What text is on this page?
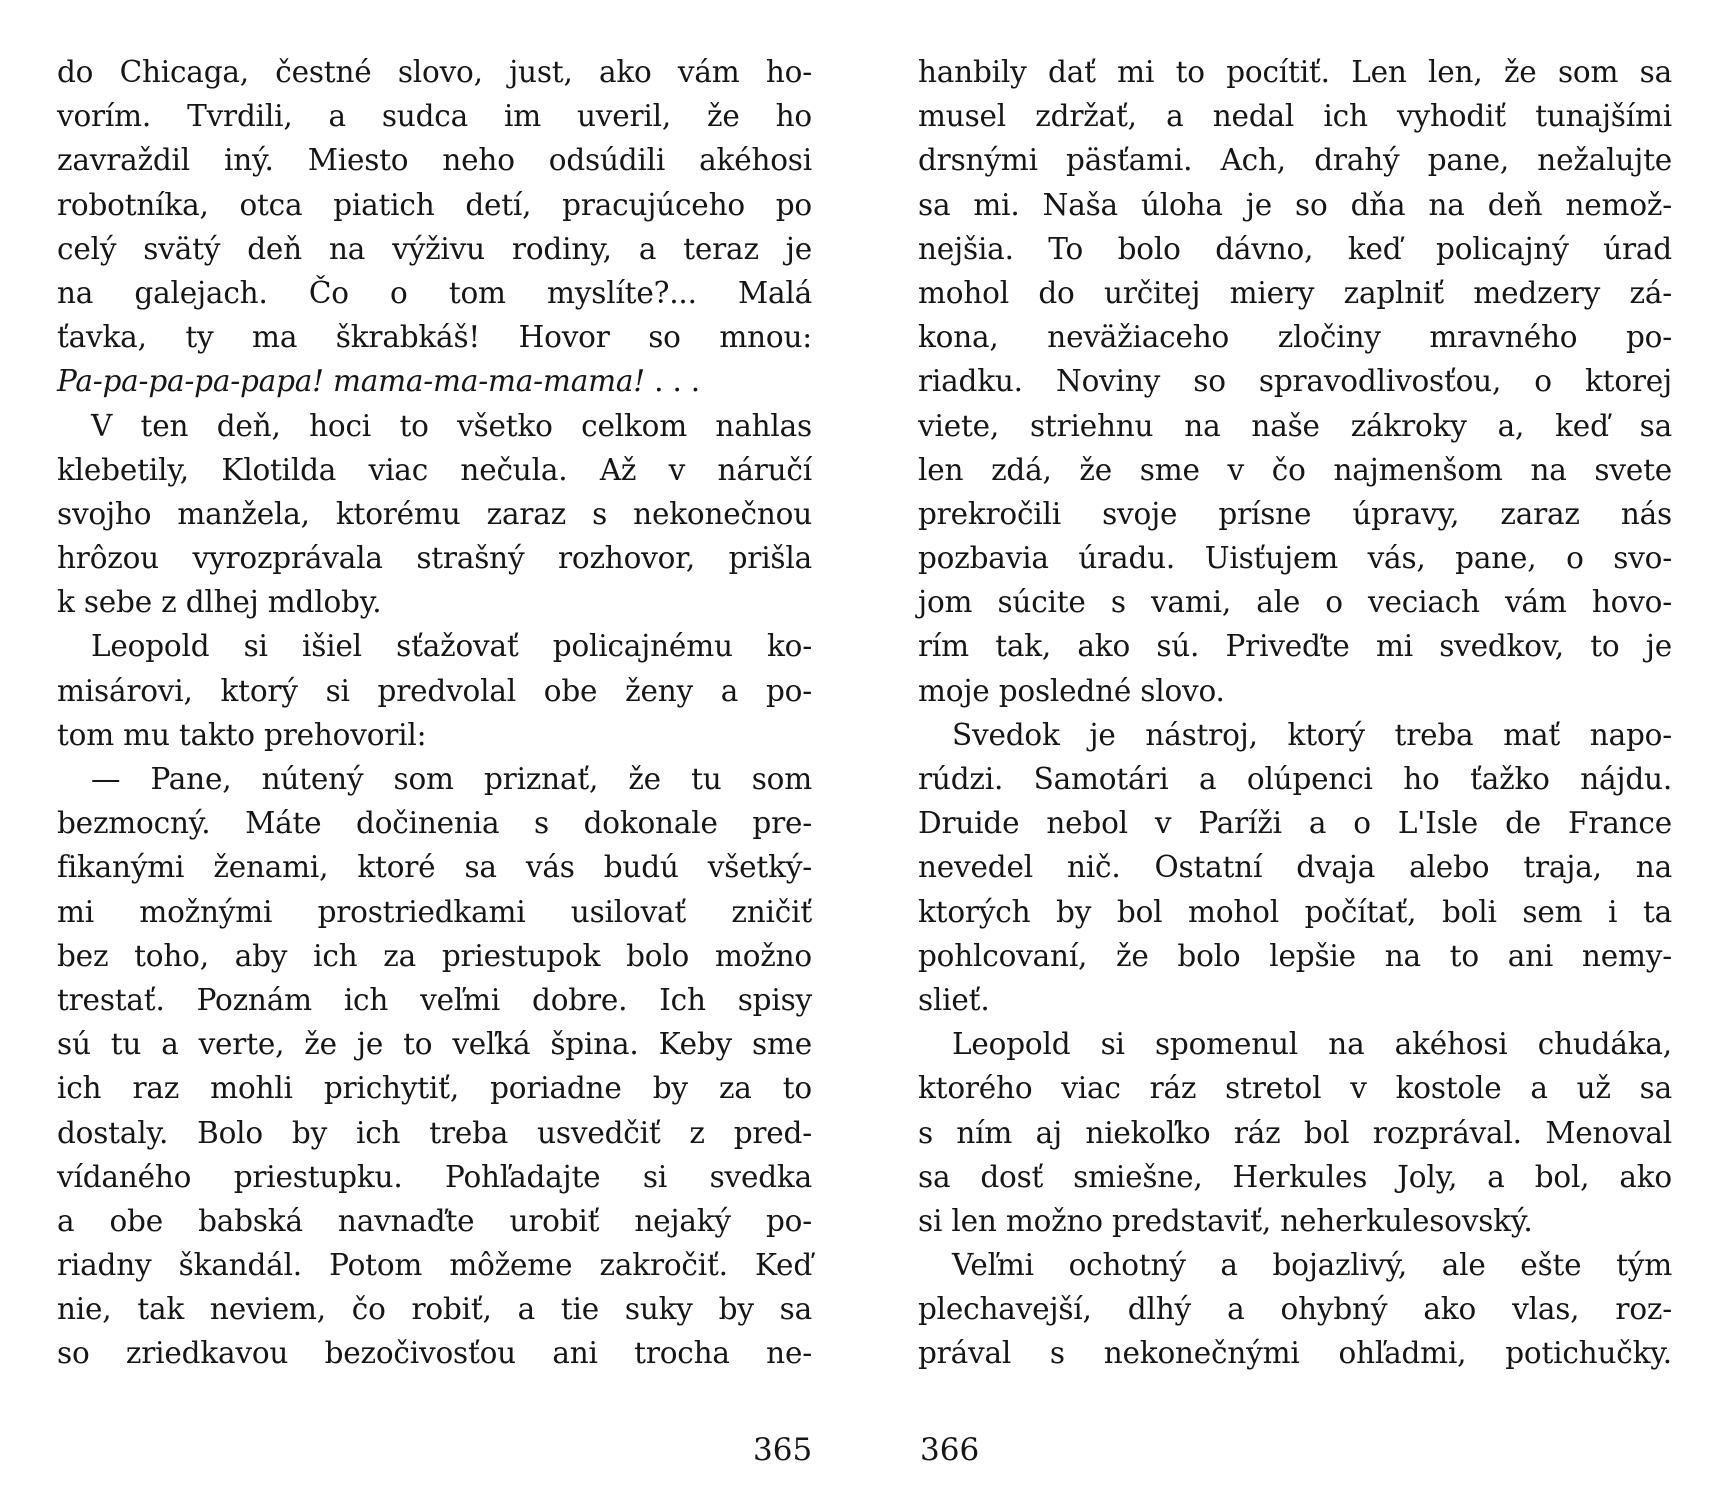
do Chicaga, čestné slovo, just, ako vám ho-
vorím. Tvrdili, a sudca im uveril, že ho
zavraždil iný. Miesto neho odsúdili akéhosi
robotníka, otca piatich detí, pracujúceho po
celý svätý deň na výživu rodiny, a teraz je
na galejach. Čo o tom myslíte?... Malá
ťavka, ty ma škrabkáš! Hovor so mnou:
Pa-pa-pa-pa-papa! mama-ma-ma-mama! . . .
V ten deň, hoci to všetko celkom nahlas
klebetily, Klotilda viac nečula. Až v náručí
svojho manžela, ktorému zaraz s nekonečnou
hrôzou vyrozprávala strašný rozhovor, prišla
k sebe z dlhej mdloby.
Leopold si išiel sťažovať policajnému ko-
misárovi, ktorý si predvolal obe ženy a po-
tom mu takto prehovoril:
— Pane, nútený som priznať, že tu som
bezmocný. Máte dočinenia s dokonale pre-
fikanými ženami, ktoré sa vás budú všetký-
mi možnými prostriedkami usilovať zničiť
bez toho, aby ich za priestupok bolo možno
trestať. Poznám ich veľmi dobre. Ich spisy
sú tu a verte, že je to veľká špina. Keby sme
ich raz mohli prichytiť, poriadne by za to
dostaly. Bolo by ich treba usvedčiť z pred-
vídaného priestupku. Pohľadajte si svedka
a obe babská navnaďte urobiť nejaký po-
riadny škandál. Potom môžeme zakročiť. Keď
nie, tak neviem, čo robiť, a tie suky by sa
so zriedkavou bezočivosťou ani trocha ne-
hanbily dať mi to pocítiť. Len len, že som sa
musel zdržať, a nedal ich vyhodiť tunajšími
drsnými päsťami. Ach, drahý pane, nežalujte
sa mi. Naša úloha je so dňa na deň nemož-
nejšia. To bolo dávno, keď policajný úrad
mohol do určitej miery zaplniť medzery zá-
kona, neväžiaceho zločiny mravného po-
riadku. Noviny so spravodlivosťou, o ktorej
viete, striehnu na naše zákroky a, keď sa
len zdá, že sme v čo najmenšom na svete
prekročili svoje prísne úpravy, zaraz nás
pozbavia úradu. Uisťujem vás, pane, o svo-
jom súcite s vami, ale o veciach vám hovo-
rím tak, ako sú. Priveďte mi svedkov, to je
moje posledné slovo.
Svedok je nástroj, ktorý treba mať napo-
rúdzi. Samotári a olúpenci ho ťažko nájdu.
Druide nebol v Paríži a o L'Isle de France
nevedel nič. Ostatní dvaja alebo traja, na
ktorých by bol mohol počítať, boli sem i ta
pohlcovaní, že bolo lepšie na to ani nemy-
slieť.
Leopold si spomenul na akéhosi chudáka,
ktorého viac ráz stretol v kostole a už sa
s ním aj niekoľko ráz bol rozprával. Menoval
sa dosť smiešne, Herkules Joly, a bol, ako
si len možno predstaviť, neherkulesovský.
Veľmi ochotný a bojazlivý, ale ešte tým
plechavejší, dlhý a ohybný ako vlas, roz-
prával s nekonečnými ohľadmi, potichučky.
365	366
